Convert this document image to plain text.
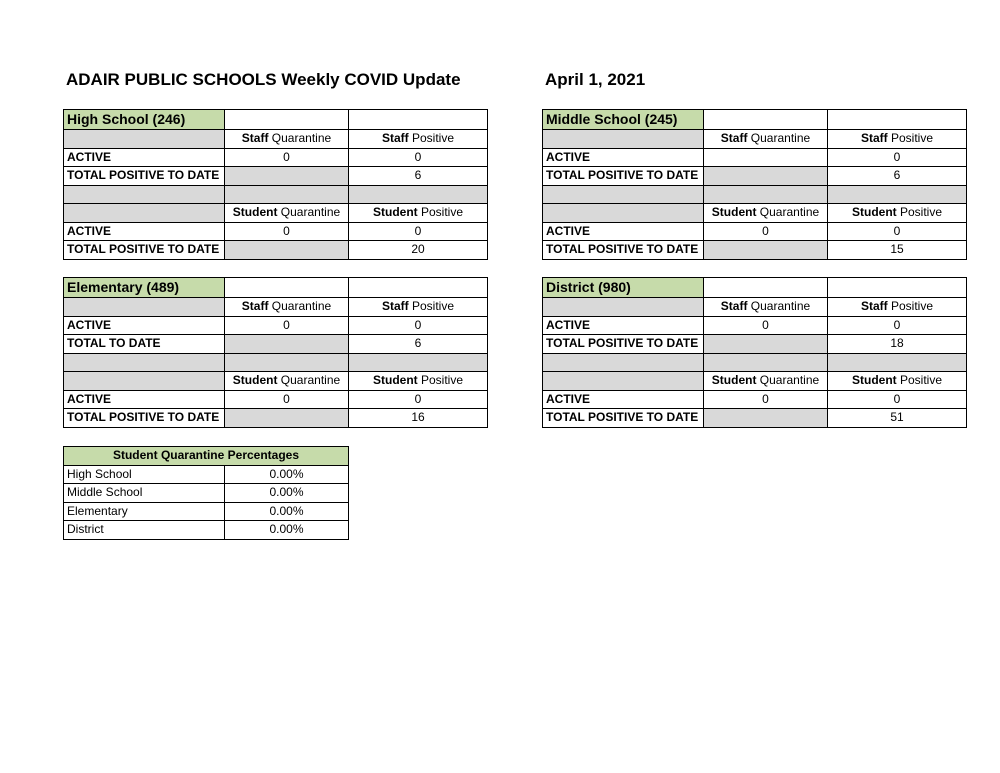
ADAIR PUBLIC SCHOOLS Weekly COVID Update	April 1, 2021
High School (246)		
	Staff Quarantine	Staff Positive
ACTIVE	0	0
TOTAL POSITIVE TO DATE		6

	Student Quarantine	Student Positive
ACTIVE	0	0
TOTAL POSITIVE TO DATE		20
Middle School (245)		
	Staff Quarantine	Staff Positive
ACTIVE		0
TOTAL POSITIVE TO DATE		6

	Student Quarantine	Student Positive
ACTIVE	0	0
TOTAL POSITIVE TO DATE		15
Elementary (489)		
	Staff Quarantine	Staff Positive
ACTIVE	0	0
TOTAL TO DATE		6

	Student Quarantine	Student Positive
ACTIVE	0	0
TOTAL POSITIVE TO DATE		16
District (980)		
	Staff Quarantine	Staff Positive
ACTIVE	0	0
TOTAL POSITIVE TO DATE		18

	Student Quarantine	Student Positive
ACTIVE	0	0
TOTAL POSITIVE TO DATE		51
Student Quarantine Percentages	
High School	0.00%
Middle School	0.00%
Elementary	0.00%
District	0.00%
